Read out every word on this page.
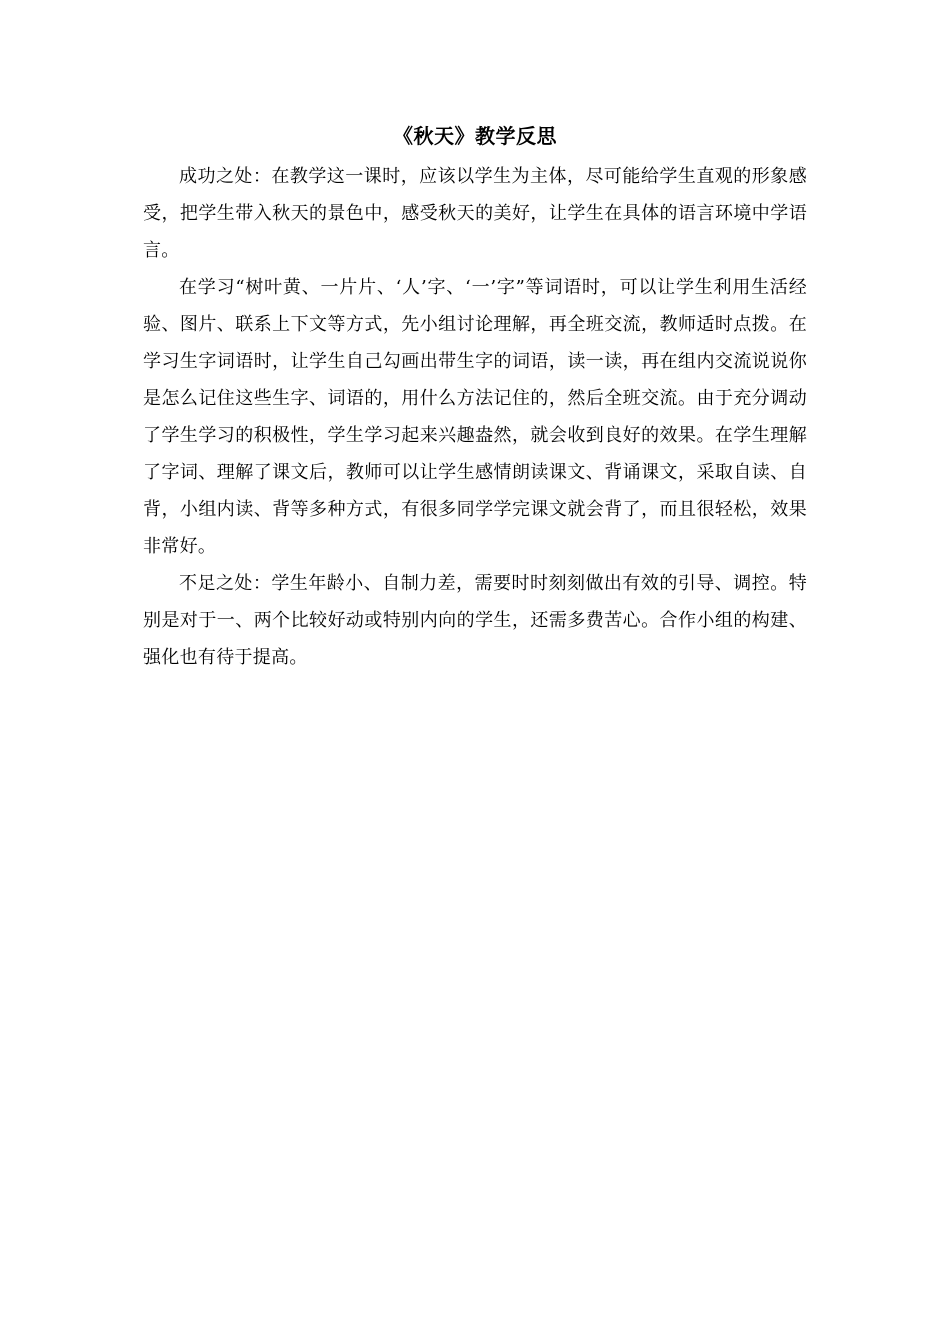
《秋天》教学反思

成功之处：在教学这一课时，应该以学生为主体，尽可能给学生直观的形象感受，把学生带入秋天的景色中，感受秋天的美好，让学生在具体的语言环境中学语言。

在学习“树叶黄、一片片、‘人’字、‘一’字”等词语时，可以让学生利用生活经验、图片、联系上下文等方式，先小组讨论理解，再全班交流，教师适时点拨。在学习生字词语时，让学生自己勾画出带生字的词语，读一读，再在组内交流说说你是怎么记住这些生字、词语的，用什么方法记住的，然后全班交流。由于充分调动了学生学习的积极性，学生学习起来兴趣盎然，就会收到良好的效果。在学生理解了字词、理解了课文后，教师可以让学生感情朗读课文、背诵课文，采取自读、自背，小组内读、背等多种方式，有很多同学学完课文就会背了，而且很轻松，效果非常好。

不足之处：学生年龄小、自制力差，需要时时刻刻做出有效的引导、调控。特别是对于一、两个比较好动或特别内向的学生，还需多费苦心。合作小组的构建、强化也有待于提高。
